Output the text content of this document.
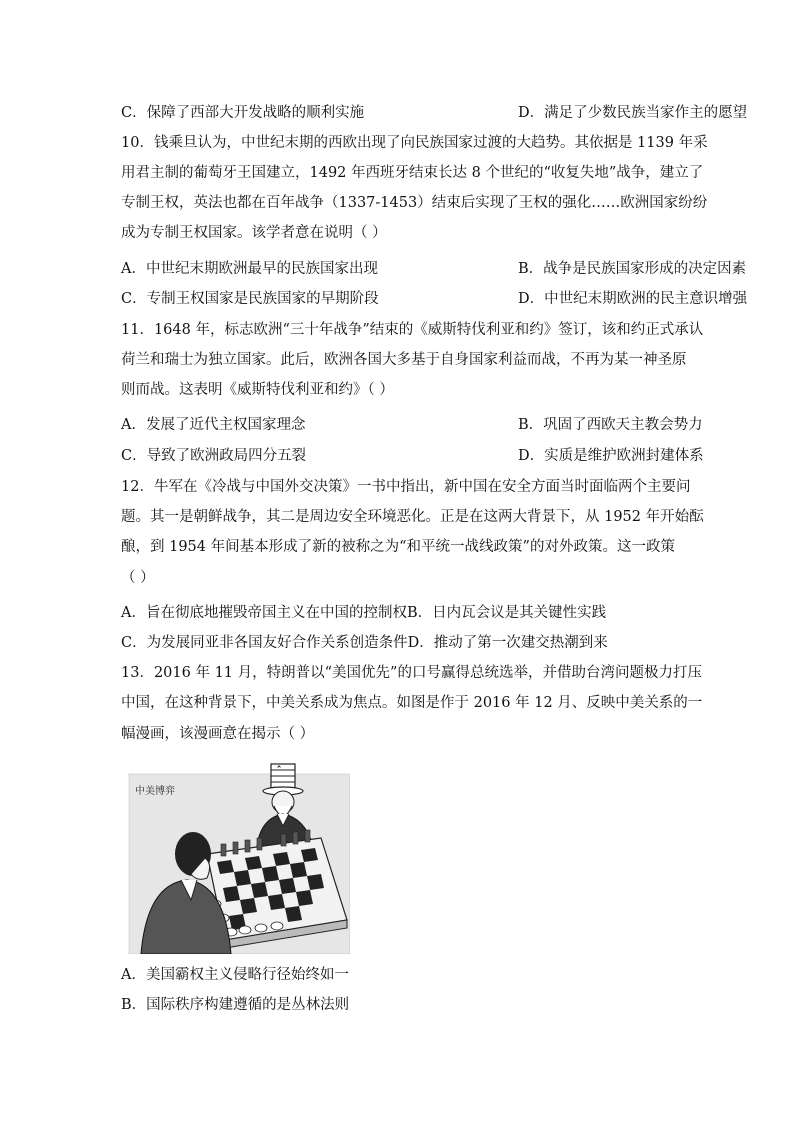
C．保障了西部大开发战略的顺利实施	D．满足了少数民族当家作主的愿望
10．钱乘旦认为，中世纪末期的西欧出现了向民族国家过渡的大趋势。其依据是 1139 年采
用君主制的葡萄牙王国建立，1492 年西班牙结束长达 8 个世纪的“收复失地”战争，建立了
专制王权，英法也都在百年战争（1337-1453）结束后实现了王权的强化……欧洲国家纷纷
成为专制王权国家。该学者意在说明（ ）
A．中世纪末期欧洲最早的民族国家出现	B．战争是民族国家形成的决定因素
C．专制王权国家是民族国家的早期阶段	D．中世纪末期欧洲的民主意识增强
11．1648 年，标志欧洲“三十年战争”结束的《威斯特伐利亚和约》签订，该和约正式承认
荷兰和瑞士为独立国家。此后，欧洲各国大多基于自身国家利益而战，不再为某一神圣原
则而战。这表明《威斯特伐利亚和约》（ ）
A．发展了近代主权国家理念	B．巩固了西欧天主教会势力
C．导致了欧洲政局四分五裂	D．实质是维护欧洲封建体系
12．牛军在《冷战与中国外交决策》一书中指出，新中国在安全方面当时面临两个主要问
题。其一是朝鲜战争，其二是周边安全环境恶化。正是在这两大背景下，从 1952 年开始酝
酿，到 1954 年间基本形成了新的被称之为“和平统一战线政策”的对外政策。这一政策
（ ）
A．旨在彻底地摧毁帝国主义在中国的控制权B．日内瓦会议是其关键性实践
C．为发展同亚非各国友好合作关系创造条件D．推动了第一次建交热潮到来
13．2016 年 11 月，特朗普以“美国优先”的口号赢得总统选举，并借助台湾问题极力打压
中国，在这种背景下，中美关系成为焦点。如图是作于 2016 年 12 月、反映中美关系的一
幅漫画，该漫画意在揭示（ ）
中美博弈
A．美国霸权主义侵略行径始终如一
B．国际秩序构建遵循的是丛林法则
